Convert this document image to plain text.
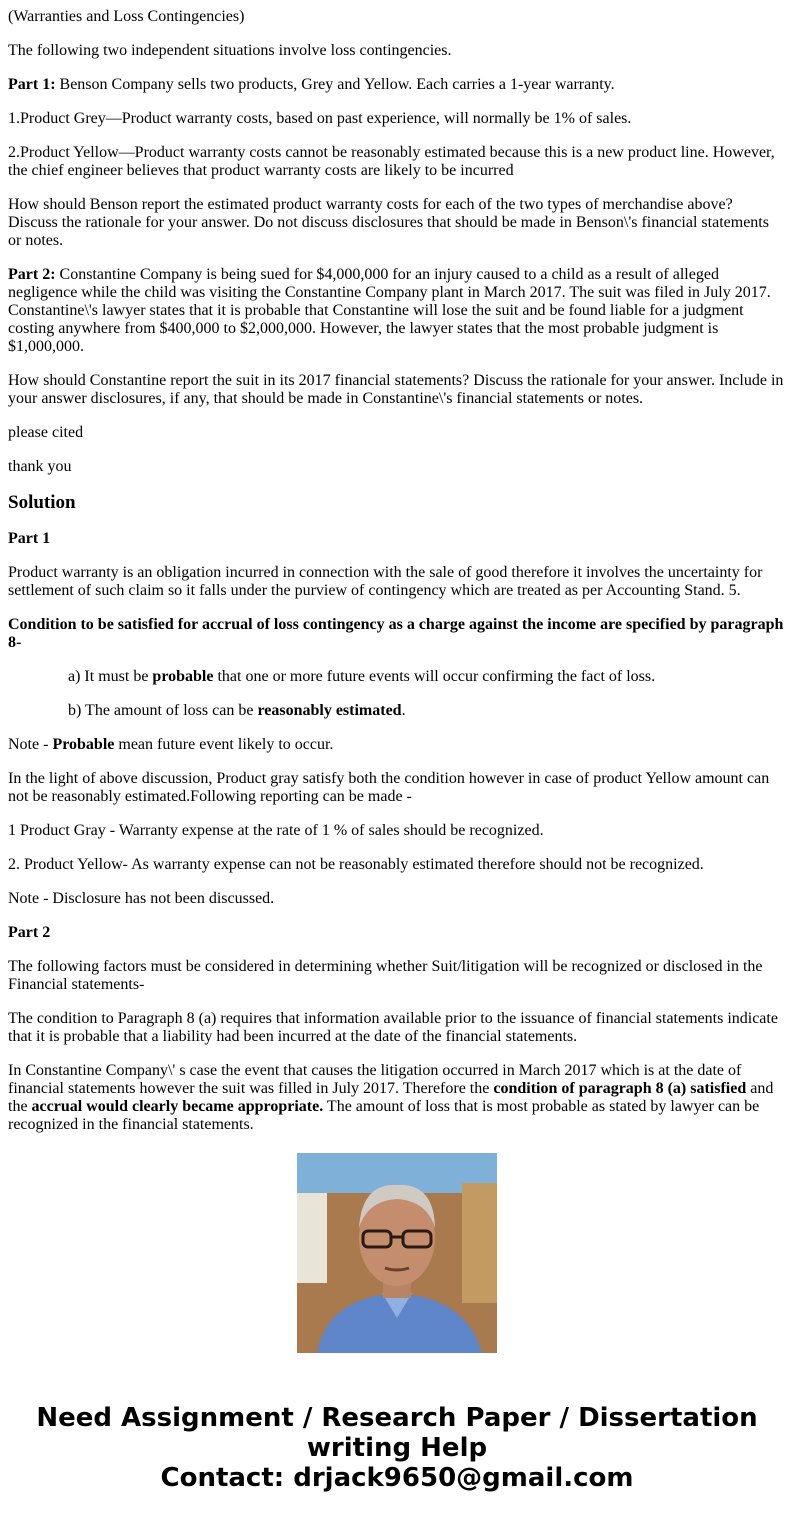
(Warranties and Loss Contingencies)

The following two independent situations involve loss contingencies.

Part 1: Benson Company sells two products, Grey and Yellow. Each carries a 1-year warranty.

1.Product Grey—Product warranty costs, based on past experience, will normally be 1% of sales.

2.Product Yellow—Product warranty costs cannot be reasonably estimated because this is a new product line. However, the chief engineer believes that product warranty costs are likely to be incurred

How should Benson report the estimated product warranty costs for each of the two types of merchandise above? Discuss the rationale for your answer. Do not discuss disclosures that should be made in Benson\'s financial statements or notes.

Part 2: Constantine Company is being sued for $4,000,000 for an injury caused to a child as a result of alleged negligence while the child was visiting the Constantine Company plant in March 2017. The suit was filed in July 2017. Constantine\'s lawyer states that it is probable that Constantine will lose the suit and be found liable for a judgment costing anywhere from $400,000 to $2,000,000. However, the lawyer states that the most probable judgment is $1,000,000.

How should Constantine report the suit in its 2017 financial statements? Discuss the rationale for your answer. Include in your answer disclosures, if any, that should be made in Constantine\'s financial statements or notes.

please cited

thank you

Solution

Part 1

Product warranty is an obligation incurred in connection with the sale of good therefore it involves the uncertainty for settlement of such claim so it falls under the purview of contingency which are treated as per Accounting Stand. 5.

Condition to be satisfied for accrual of loss contingency as a charge against the income are specified by paragraph 8-

a) It must be probable that one or more future events will occur confirming the fact of loss.

b) The amount of loss can be reasonably estimated.

Note - Probable mean future event likely to occur.

In the light of above discussion, Product gray satisfy both the condition however in case of product Yellow amount can not be reasonably estimated.Following reporting can be made -

1 Product Gray - Warranty expense at the rate of 1 % of sales should be recognized.

2. Product Yellow- As warranty expense can not be reasonably estimated therefore should not be recognized.

Note - Disclosure has not been discussed.

Part 2

The following factors must be considered in determining whether Suit/litigation will be recognized or disclosed in the Financial statements-

The condition to Paragraph 8 (a) requires that information available prior to the issuance of financial statements indicate that it is probable that a liability had been incurred at the date of the financial statements.

In Constantine Company\' s case the event that causes the litigation occurred in March 2017 which is at the date of financial statements however the suit was filled in July 2017. Therefore the condition of paragraph 8 (a) satisfied and the accrual would clearly became appropriate. The amount of loss that is most probable as stated by lawyer can be recognized in the financial statements.

Need Assignment / Research Paper / Dissertation writing Help
Contact: drjack9650@gmail.com
